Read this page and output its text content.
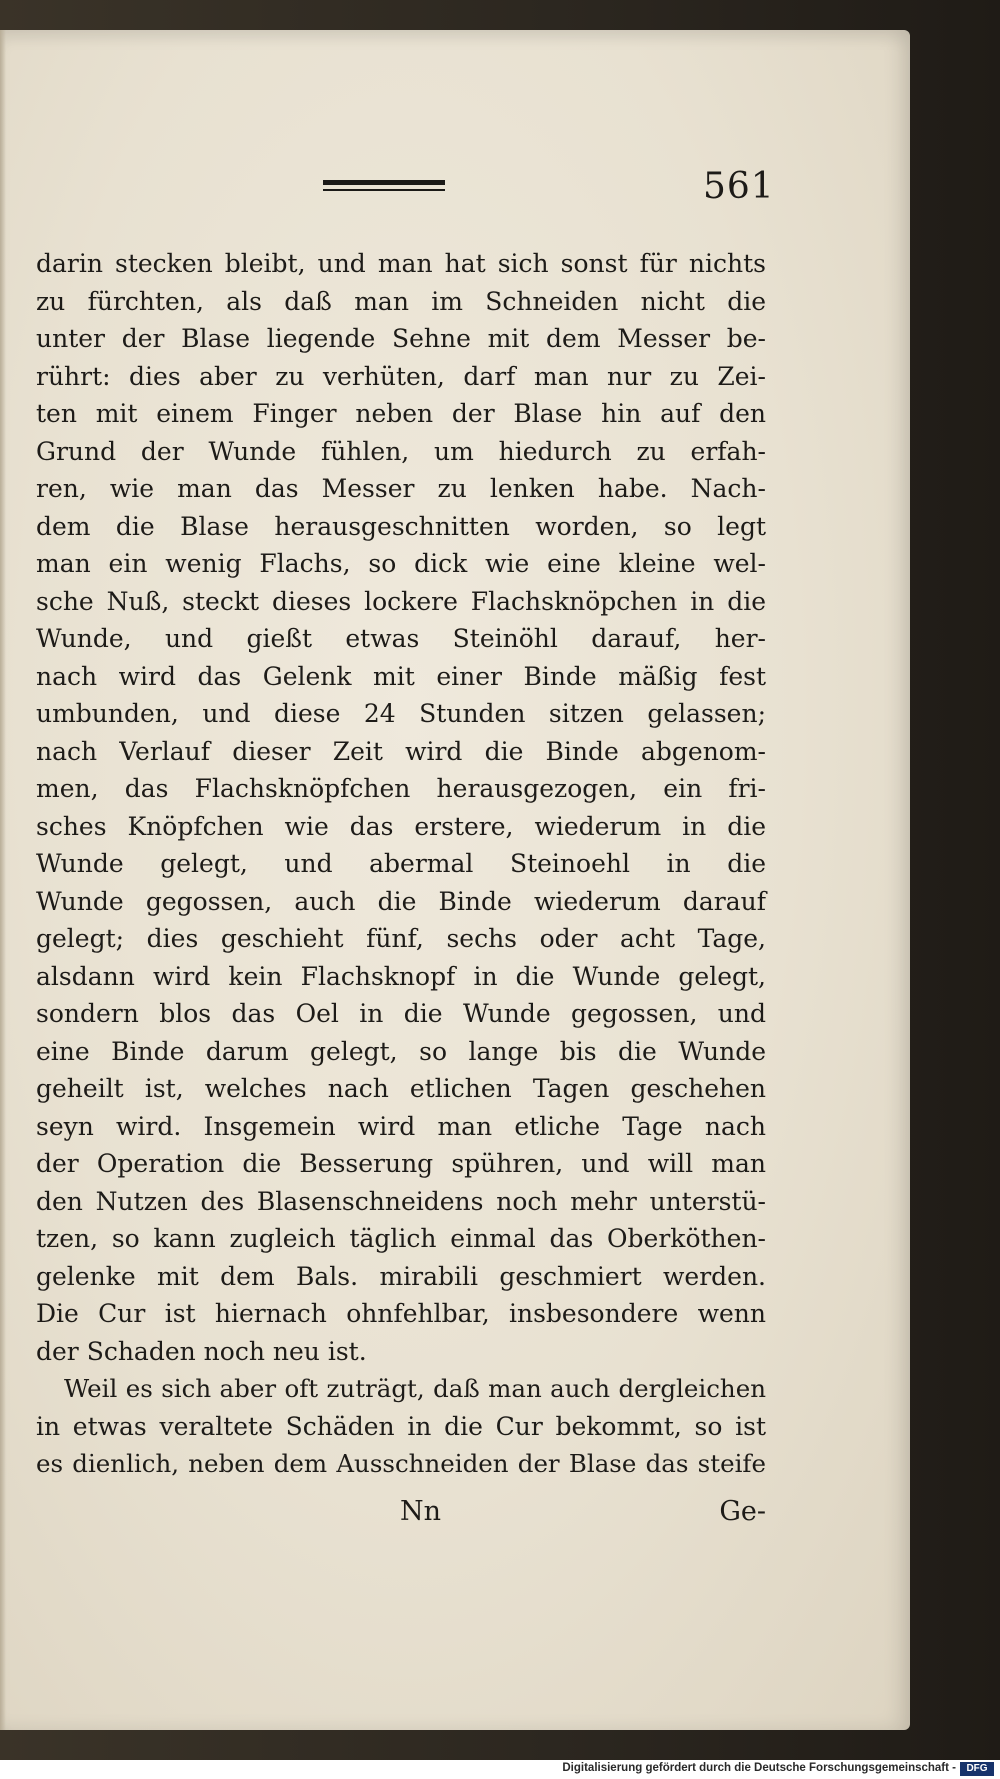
561
darin stecken bleibt, und man hat sich sonst für nichts
zu fürchten, als daß man im Schneiden nicht die
unter der Blase liegende Sehne mit dem Messer be-
rührt: dies aber zu verhüten, darf man nur zu Zei-
ten mit einem Finger neben der Blase hin auf den
Grund der Wunde fühlen, um hiedurch zu erfah-
ren, wie man das Messer zu lenken habe. Nach-
dem die Blase herausgeschnitten worden, so legt
man ein wenig Flachs, so dick wie eine kleine wel-
sche Nuß, steckt dieses lockere Flachsknöpchen in die
Wunde, und gießt etwas Steinöhl darauf, her-
nach wird das Gelenk mit einer Binde mäßig fest
umbunden, und diese 24 Stunden sitzen gelassen;
nach Verlauf dieser Zeit wird die Binde abgenom-
men, das Flachsknöpfchen herausgezogen, ein fri-
sches Knöpfchen wie das erstere, wiederum in die
Wunde gelegt, und abermal Steinoehl in die
Wunde gegossen, auch die Binde wiederum darauf
gelegt; dies geschieht fünf, sechs oder acht Tage,
alsdann wird kein Flachsknopf in die Wunde gelegt,
sondern blos das Oel in die Wunde gegossen, und
eine Binde darum gelegt, so lange bis die Wunde
geheilt ist, welches nach etlichen Tagen geschehen
seyn wird. Insgemein wird man etliche Tage nach
der Operation die Besserung spühren, und will man
den Nutzen des Blasenschneidens noch mehr unterstü-
tzen, so kann zugleich täglich einmal das Oberköthen-
gelenke mit dem Bals. mirabili geschmiert werden.
Die Cur ist hiernach ohnfehlbar, insbesondere wenn
der Schaden noch neu ist.
Weil es sich aber oft zuträgt, daß man auch dergleichen
in etwas veraltete Schäden in die Cur bekommt, so ist
es dienlich, neben dem Ausschneiden der Blase das steife
Nn	Ge-
Digitalisierung gefördert durch die Deutsche Forschungsgemeinschaft -	DFG
